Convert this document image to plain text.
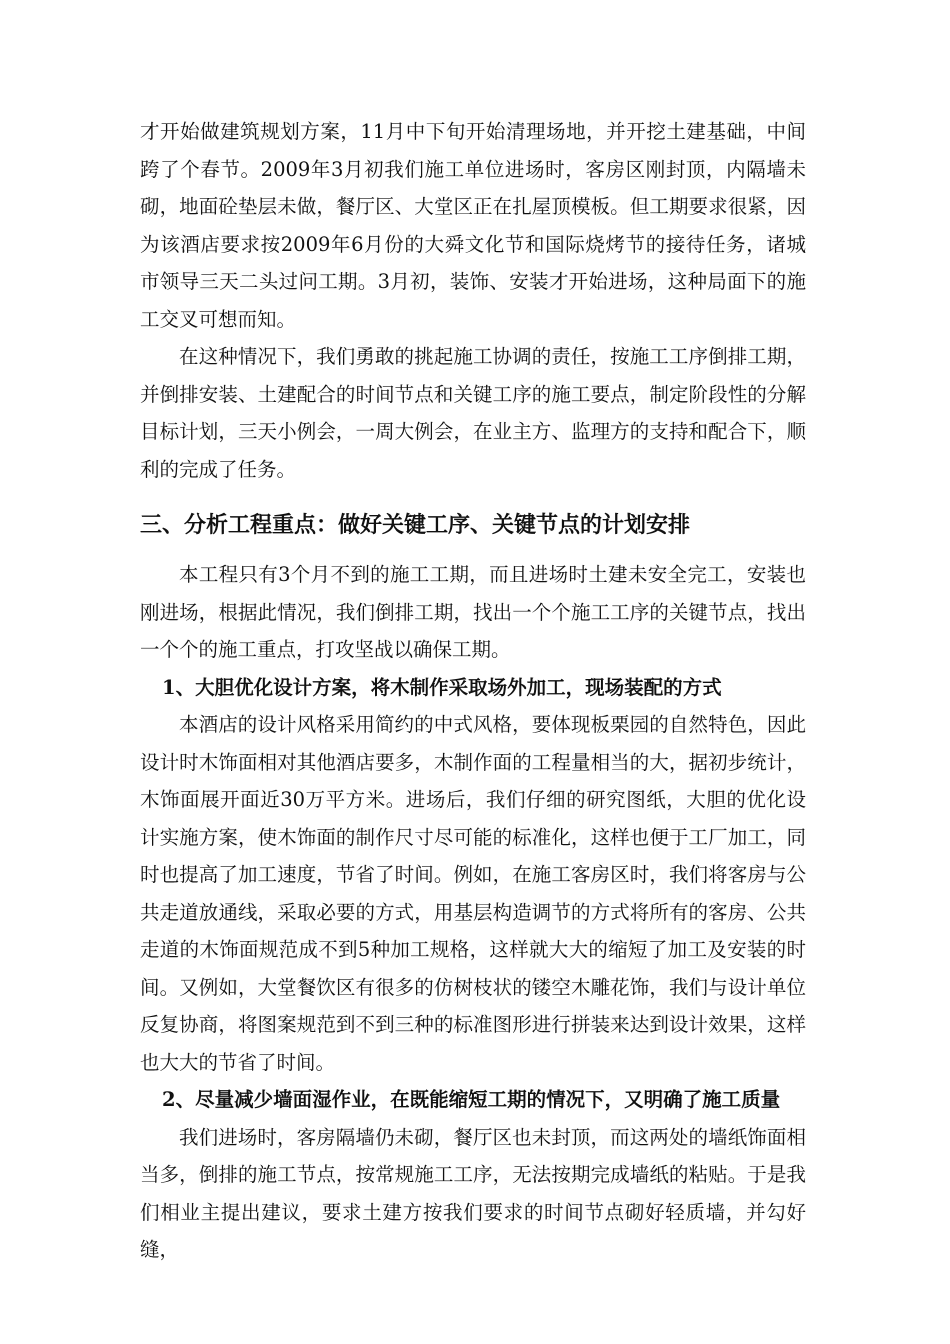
才开始做建筑规划方案，11月中下旬开始清理场地，并开挖土建基础，中间跨了个春节。2009年3月初我们施工单位进场时，客房区刚封顶，内隔墙未砌，地面砼垫层未做，餐厅区、大堂区正在扎屋顶模板。但工期要求很紧，因为该酒店要求按2009年6月份的大舜文化节和国际烧烤节的接待任务，诸城市领导三天二头过问工期。3月初，装饰、安装才开始进场，这种局面下的施工交叉可想而知。

在这种情况下，我们勇敢的挑起施工协调的责任，按施工工序倒排工期，并倒排安装、土建配合的时间节点和关键工序的施工要点，制定阶段性的分解目标计划，三天小例会，一周大例会，在业主方、监理方的支持和配合下，顺利的完成了任务。

三、分析工程重点：做好关键工序、关键节点的计划安排

本工程只有3个月不到的施工工期，而且进场时土建未安全完工，安装也刚进场，根据此情况，我们倒排工期，找出一个个施工工序的关键节点，找出一个个的施工重点，打攻坚战以确保工期。

1、大胆优化设计方案，将木制作采取场外加工，现场装配的方式

本酒店的设计风格采用简约的中式风格，要体现板栗园的自然特色，因此设计时木饰面相对其他酒店要多，木制作面的工程量相当的大，据初步统计，木饰面展开面近30万平方米。进场后，我们仔细的研究图纸，大胆的优化设计实施方案，使木饰面的制作尺寸尽可能的标准化，这样也便于工厂加工，同时也提高了加工速度，节省了时间。例如，在施工客房区时，我们将客房与公共走道放通线，采取必要的方式，用基层构造调节的方式将所有的客房、公共走道的木饰面规范成不到5种加工规格，这样就大大的缩短了加工及安装的时间。又例如，大堂餐饮区有很多的仿树枝状的镂空木雕花饰，我们与设计单位反复协商，将图案规范到不到三种的标准图形进行拼装来达到设计效果，这样也大大的节省了时间。

2、尽量减少墙面湿作业，在既能缩短工期的情况下，又明确了施工质量

我们进场时，客房隔墙仍未砌，餐厅区也未封顶，而这两处的墙纸饰面相当多，倒排的施工节点，按常规施工工序，无法按期完成墙纸的粘贴。于是我们相业主提出建议，要求土建方按我们要求的时间节点砌好轻质墙，并勾好缝，
